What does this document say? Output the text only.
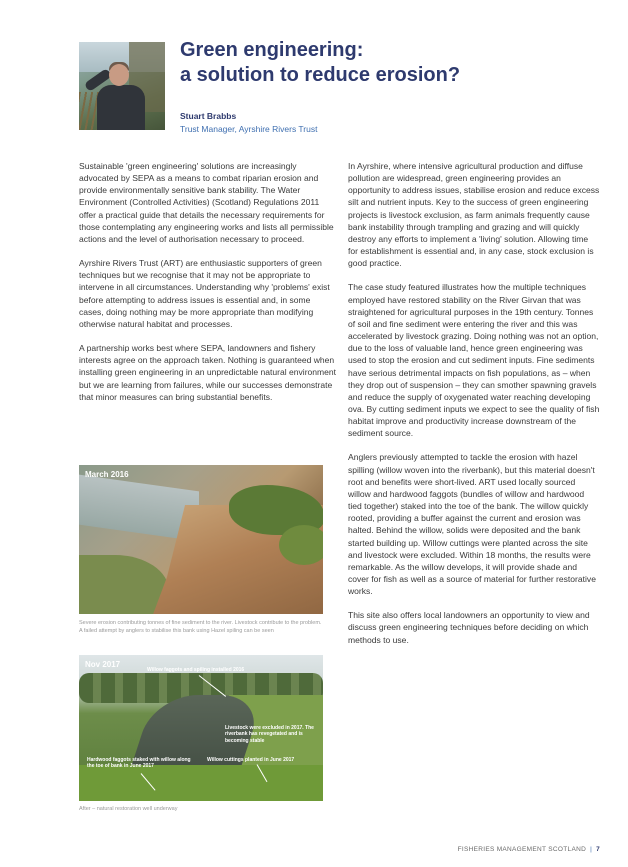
Green engineering:
a solution to reduce erosion?
Stuart Brabbs
Trust Manager, Ayrshire Rivers Trust

Sustainable 'green engineering' solutions are increasingly advocated by SEPA as a means to combat riparian erosion and provide environmentally sensitive bank stability. The Water Environment (Controlled Activities) (Scotland) Regulations 2011 offer a practical guide that details the necessary requirements for those contemplating any engineering works and lists all permissible actions and the level of authorisation necessary to proceed.

Ayrshire Rivers Trust (ART) are enthusiastic supporters of green techniques but we recognise that it may not be appropriate to intervene in all circumstances. Understanding why 'problems' exist before attempting to address issues is essential and, in some cases, doing nothing may be more appropriate than modifying otherwise natural habitat and processes.

A partnership works best where SEPA, landowners and fishery interests agree on the approach taken. Nothing is guaranteed when installing green engineering in an unpredictable natural environment but we are learning from failures, while our successes demonstrate that minor measures can bring substantial benefits.

In Ayrshire, where intensive agricultural production and diffuse pollution are widespread, green engineering provides an opportunity to address issues, stabilise erosion and reduce excess silt and nutrient inputs. Key to the success of green engineering projects is livestock exclusion, as farm animals frequently cause bank instability through trampling and grazing and will quickly destroy any efforts to implement a 'living' solution. Allowing time for establishment is essential and, in any case, stock exclusion is good practice.

The case study featured illustrates how the multiple techniques employed have restored stability on the River Girvan that was straightened for agricultural purposes in the 19th century. Tonnes of soil and fine sediment were entering the river and this was accelerated by livestock grazing. Doing nothing was not an option, due to the loss of valuable land, hence green engineering was used to stop the erosion and cut sediment inputs. Fine sediments have serious detrimental impacts on fish populations, as – when they drop out of suspension – they can smother spawning gravels and reduce the supply of oxygenated water reaching developing ova. By cutting sediment inputs we expect to see the quality of fish habitat improve and productivity increase downstream of the sediment source.

Anglers previously attempted to tackle the erosion with hazel spilling (willow woven into the riverbank), but this material doesn't root and benefits were short-lived. ART used locally sourced willow and hardwood faggots (bundles of willow and hardwood tied together) staked into the toe of the bank. The willow quickly rooted, providing a buffer against the current and erosion was halted. Behind the willow, solids were deposited and the bank started building up. Willow cuttings were planted across the site and livestock were excluded. Within 18 months, the results were remarkable. As the willow develops, it will provide shade and cover for fish as well as a source of material for further restorative works.

This site also offers local landowners an opportunity to view and discuss green engineering techniques before deciding on which methods to use.

March 2016
Severe erosion contributing tonnes of fine sediment to the river. Livestock contribute to the problem. A failed attempt by anglers to stabilise this bank using Hazel spiling can be seen
Nov 2017
Willow faggots and spiling installed 2016
Livestock were excluded in 2017. The riverbank has revegetated and is becoming stable
Hardwood faggots staked with willow along the toe of bank in June 2017
Willow cuttings planted in June 2017
After – natural restoration well underway
FISHERIES MANAGEMENT SCOTLAND | 7
